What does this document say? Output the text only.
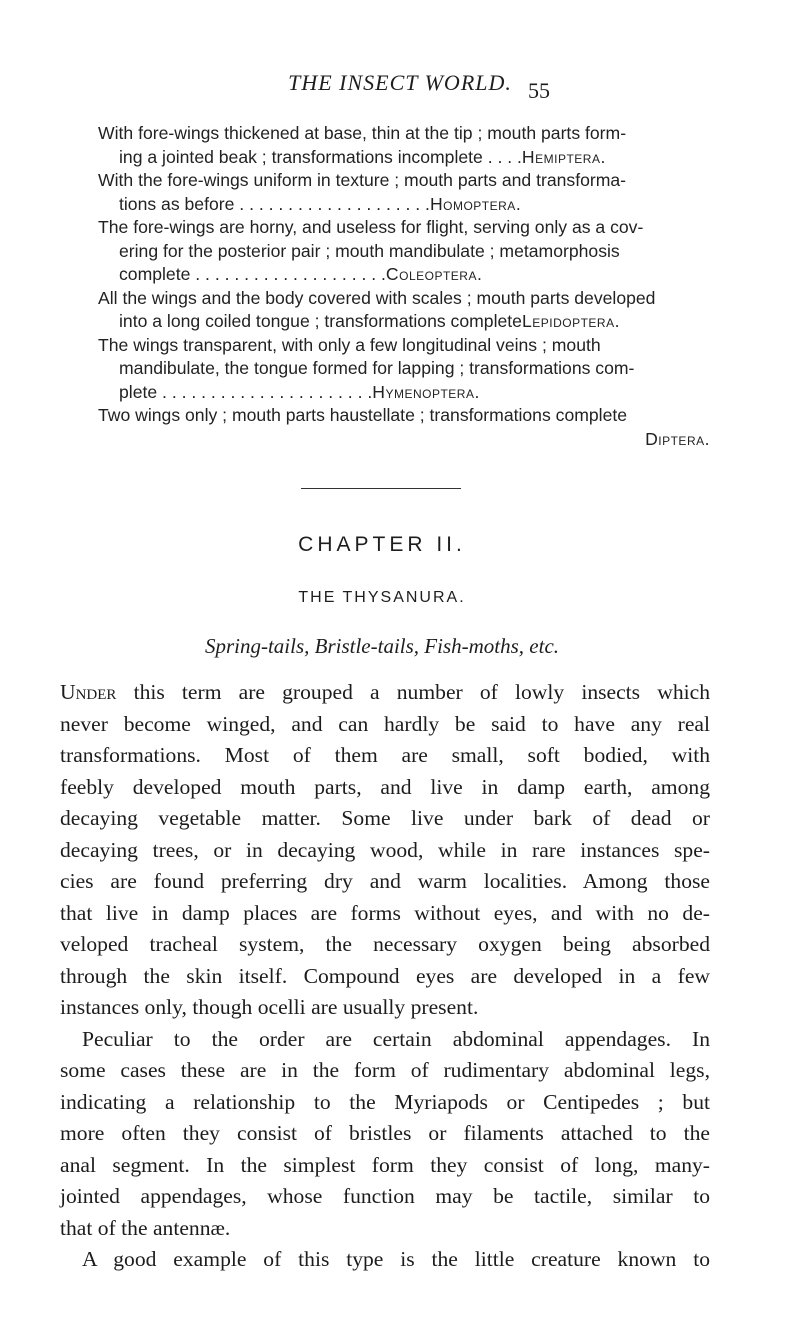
THE INSECT WORLD. 55
With fore-wings thickened at base, thin at the tip ; mouth parts form-
ing a jointed beak ; transformations incomplete . . . .Hemiptera.
With the fore-wings uniform in texture ; mouth parts and transforma-
tions as before . . . . . . . . . . . . . . . . . . . .Homoptera.
The fore-wings are horny, and useless for flight, serving only as a cov-
ering for the posterior pair ; mouth mandibulate ; metamorphosis
complete . . . . . . . . . . . . . . . . . . . .Coleoptera.
All the wings and the body covered with scales ; mouth parts developed
into a long coiled tongue ; transformations completeLepidoptera.
The wings transparent, with only a few longitudinal veins ; mouth
mandibulate, the tongue formed for lapping ; transformations com-
plete . . . . . . . . . . . . . . . . . . . . . .Hymenoptera.
Two wings only ; mouth parts haustellate ; transformations complete
Diptera.
CHAPTER II.
THE THYSANURA.
Spring-tails, Bristle-tails, Fish-moths, etc.

Under this term are grouped a number of lowly insects which
never become winged, and can hardly be said to have any real
transformations. Most of them are small, soft bodied, with
feebly developed mouth parts, and live in damp earth, among
decaying vegetable matter. Some live under bark of dead or
decaying trees, or in decaying wood, while in rare instances spe-
cies are found preferring dry and warm localities. Among those
that live in damp places are forms without eyes, and with no de-
veloped tracheal system, the necessary oxygen being absorbed
through the skin itself. Compound eyes are developed in a few
instances only, though ocelli are usually present.

Peculiar to the order are certain abdominal appendages. In
some cases these are in the form of rudimentary abdominal legs,
indicating a relationship to the Myriapods or Centipedes ; but
more often they consist of bristles or filaments attached to the
anal segment. In the simplest form they consist of long, many-
jointed appendages, whose function may be tactile, similar to
that of the antennæ.

A good example of this type is the little creature known to
